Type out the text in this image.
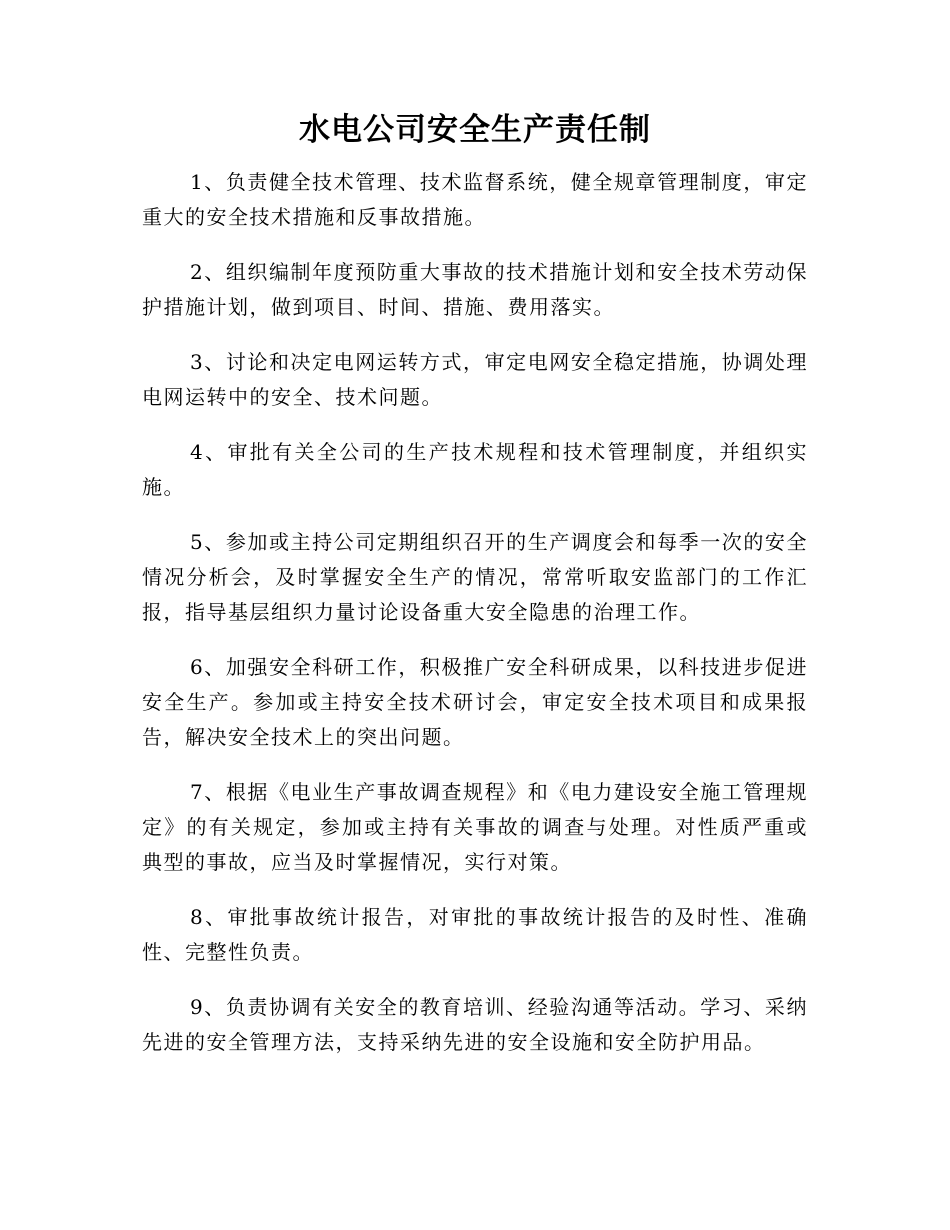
水电公司安全生产责任制

1、负责健全技术管理、技术监督系统，健全规章管理制度，审定重大的安全技术措施和反事故措施。

2、组织编制年度预防重大事故的技术措施计划和安全技术劳动保护措施计划，做到项目、时间、措施、费用落实。

3、讨论和决定电网运转方式，审定电网安全稳定措施，协调处理电网运转中的安全、技术问题。

4、审批有关全公司的生产技术规程和技术管理制度，并组织实施。

5、参加或主持公司定期组织召开的生产调度会和每季一次的安全情况分析会，及时掌握安全生产的情况，常常听取安监部门的工作汇报，指导基层组织力量讨论设备重大安全隐患的治理工作。

6、加强安全科研工作，积极推广安全科研成果，以科技进步促进安全生产。参加或主持安全技术研讨会，审定安全技术项目和成果报告，解决安全技术上的突出问题。

7、根据《电业生产事故调查规程》和《电力建设安全施工管理规定》的有关规定，参加或主持有关事故的调查与处理。对性质严重或典型的事故，应当及时掌握情况，实行对策。

8、审批事故统计报告，对审批的事故统计报告的及时性、准确性、完整性负责。

9、负责协调有关安全的教育培训、经验沟通等活动。学习、采纳先进的安全管理方法，支持采纳先进的安全设施和安全防护用品。
